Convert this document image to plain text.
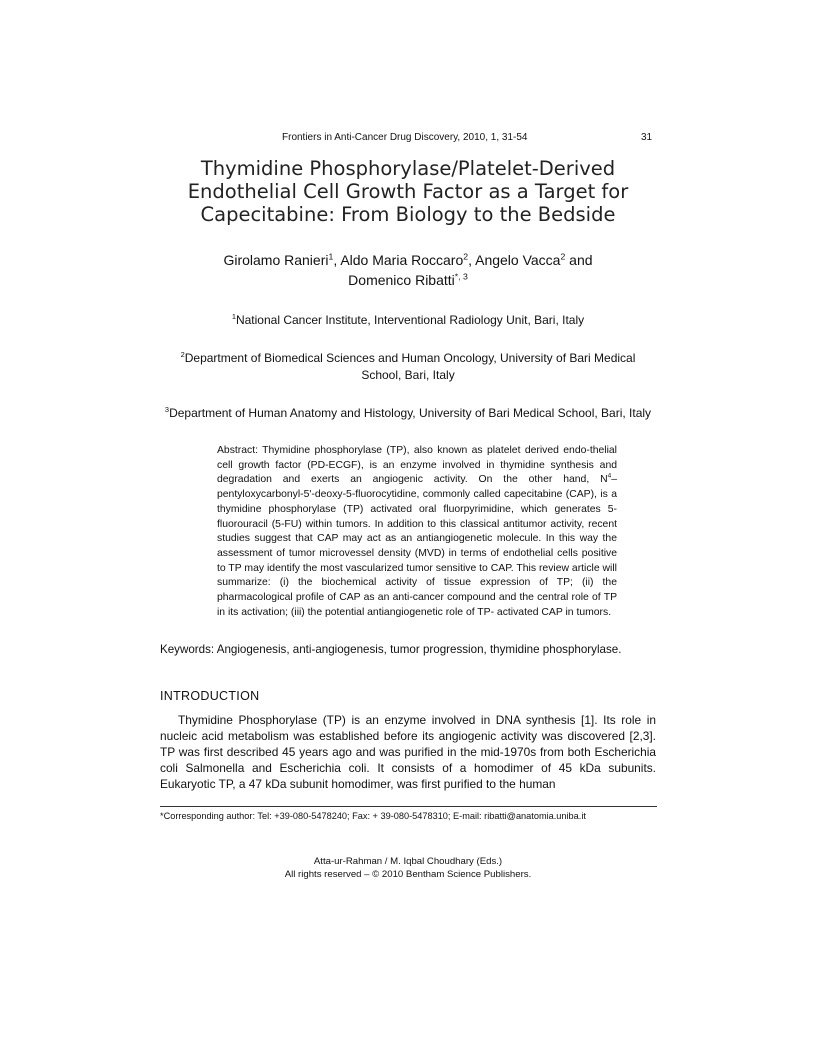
Frontiers in Anti-Cancer Drug Discovery, 2010, 1, 31-54	31
Thymidine Phosphorylase/Platelet-Derived
Endothelial Cell Growth Factor as a Target for
Capecitabine: From Biology to the Bedside
Girolamo Ranieri$^1$, Aldo Maria Roccaro$^2$, Angelo Vacca$^2$ and
Domenico Ribatti$^{*, 3}$
$^1$National Cancer Institute, Interventional Radiology Unit, Bari, Italy
$^2$Department of Biomedical Sciences and Human Oncology, University of Bari Medical School, Bari, Italy
$^3$Department of Human Anatomy and Histology, University of Bari Medical School, Bari, Italy
Abstract: Thymidine phosphorylase (TP), also known as platelet derived endo-thelial cell growth factor (PD-ECGF), is an enzyme involved in thymidine synthesis and degradation and exerts an angiogenic activity. On the other hand, $N^4-pentyloxycarbonyl-5'-deoxy-5$-fluorocytidine, commonly called capecitabine (CAP), is a thymidine phosphorylase (TP) activated oral fluorpyrimidine, which generates 5-fluorouracil (5-FU) within tumors. In addition to this classical antitumor activity, recent studies suggest that CAP may act as an antiangiogenetic molecule. In this way the assessment of tumor microvessel density (MVD) in terms of endothelial cells positive to TP may identify the most vascularized tumor sensitive to CAP. This review article will summarize: (i) the biochemical activity of tissue expression of TP; (ii) the pharmacological profile of CAP as an anti-cancer compound and the central role of TP in its activation; (iii) the potential antiangiogenetic role of TP- activated CAP in tumors.
Keywords: Angiogenesis, anti-angiogenesis, tumor progression, thymidine phosphorylase.
INTRODUCTION
Thymidine Phosphorylase (TP) is an enzyme involved in DNA synthesis [1]. Its role in nucleic acid metabolism was established before its angiogenic activity was discovered [2,3]. TP was first described 45 years ago and was purified in the mid-1970s from both Escherichia coli Salmonella and Escherichia coli. It consists of a homodimer of 45 kDa subunits. Eukaryotic TP, a 47 kDa subunit homodimer, was first purified to the human
*Corresponding author: Tel: +39-080-5478240; Fax: + 39-080-5478310; E-mail: ribatti@anatomia.uniba.it
Atta-ur-Rahman / M. Iqbal Choudhary (Eds.)
All rights reserved – © 2010 Bentham Science Publishers.
